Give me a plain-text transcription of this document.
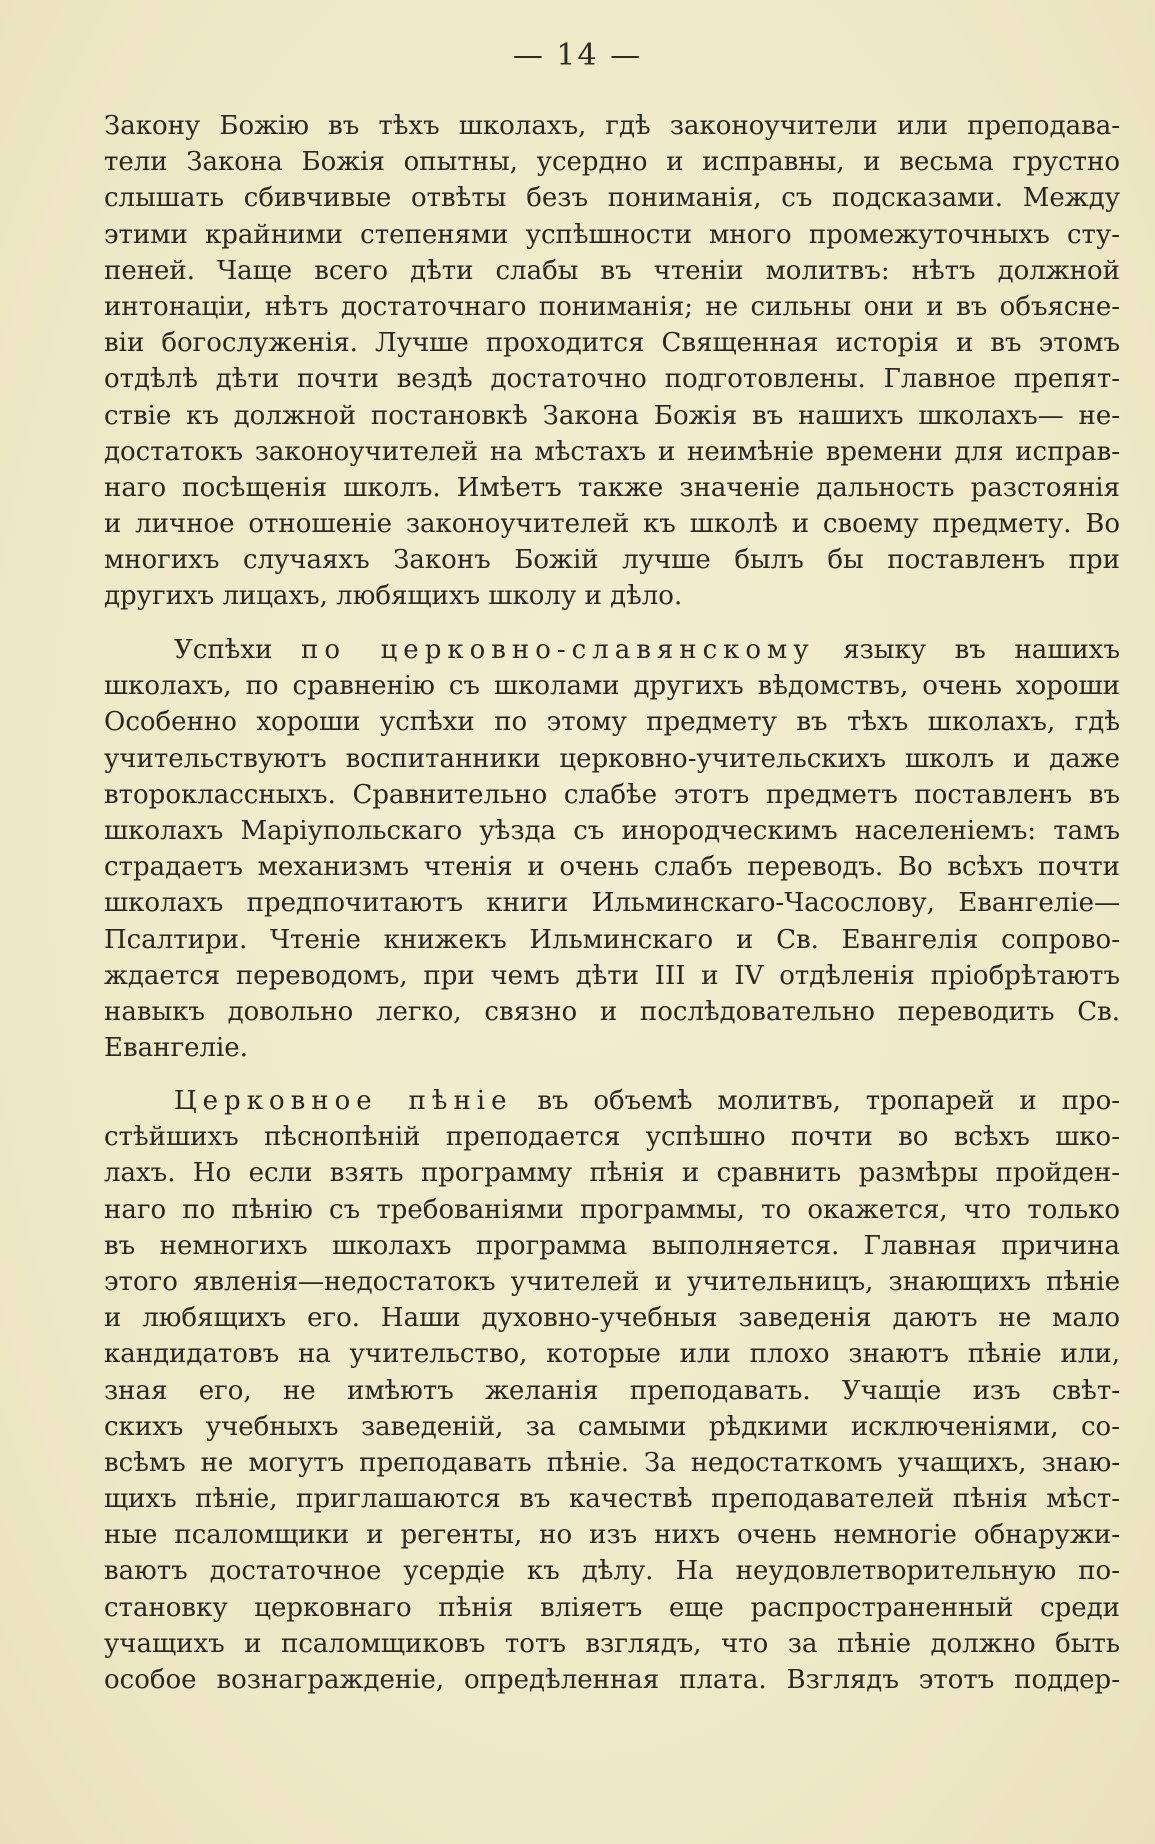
— 14 —
Закону Божію въ тѣхъ школахъ, гдѣ законоучители или преподава-
тели Закона Божія опытны, усердно и исправны, и весьма грустно
слышать сбивчивые отвѣты безъ пониманія, съ подсказами. Между
этими крайними степенями успѣшности много промежуточныхъ сту-
пеней. Чаще всего дѣти слабы въ чтеніи молитвъ: нѣтъ должной
интонаціи, нѣтъ достаточнаго пониманія; не сильны они и въ объясне-
віи богослуженія. Лучше проходится Священная исторія и въ этомъ
отдѣлѣ дѣти почти вездѣ достаточно подготовлены. Главное препят-
ствіе къ должной постановкѣ Закона Божія въ нашихъ школахъ— не-
достатокъ законоучителей на мѣстахъ и неимѣніе времени для исправ-
наго посѣщенія школъ. Имѣетъ также значеніе дальность разстоянія
и личное отношеніе законоучителей къ школѣ и своему предмету. Во
многихъ случаяхъ Законъ Божій лучше былъ бы поставленъ при
другихъ лицахъ, любящихъ школу и дѣло.
Успѣхи по церковно-славянскому языку въ нашихъ
школахъ, по сравненію съ школами другихъ вѣдомствъ, очень хороши
Особенно хороши успѣхи по этому предмету въ тѣхъ школахъ, гдѣ
учительствуютъ воспитанники церковно-учительскихъ школъ и даже
второклассныхъ. Сравнительно слабѣе этотъ предметъ поставленъ въ
школахъ Маріупольскаго уѣзда съ инородческимъ населеніемъ: тамъ
страдаетъ механизмъ чтенія и очень слабъ переводъ. Во всѣхъ почти
школахъ предпочитаютъ книги Ильминскаго-Часослову, Евангеліе—
Псалтири. Чтеніе книжекъ Ильминскаго и Св. Евангелія сопрово-
ждается переводомъ, при чемъ дѣти III и IV отдѣленія пріобрѣтаютъ
навыкъ довольно легко, связно и послѣдовательно переводить Св.
Евангеліе.
Церковное пѣніе въ объемѣ молитвъ, тропарей и про-
стѣйшихъ пѣснопѣній преподается успѣшно почти во всѣхъ шко-
лахъ. Но если взять программу пѣнія и сравнить размѣры пройден-
наго по пѣнію съ требованіями программы, то окажется, что только
въ немногихъ школахъ программа выполняется. Главная причина
этого явленія—недостатокъ учителей и учительницъ, знающихъ пѣніе
и любящихъ его. Наши духовно-учебныя заведенія даютъ не мало
кандидатовъ на учительство, которые или плохо знаютъ пѣніе или,
зная его, не имѣютъ желанія преподавать. Учащіе изъ свѣт-
скихъ учебныхъ заведеній, за самыми рѣдкими исключеніями, со-
всѣмъ не могутъ преподавать пѣніе. За недостаткомъ учащихъ, знаю-
щихъ пѣніе, приглашаются въ качествѣ преподавателей пѣнія мѣст-
ные псаломщики и регенты, но изъ нихъ очень немногіе обнаружи-
ваютъ достаточное усердіе къ дѣлу. На неудовлетворительную по-
становку церковнаго пѣнія вліяетъ еще распространенный среди
учащихъ и псаломщиковъ тотъ взглядъ, что за пѣніе должно быть
особое вознагражденіе, опредѣленная плата. Взглядъ этотъ поддер-
